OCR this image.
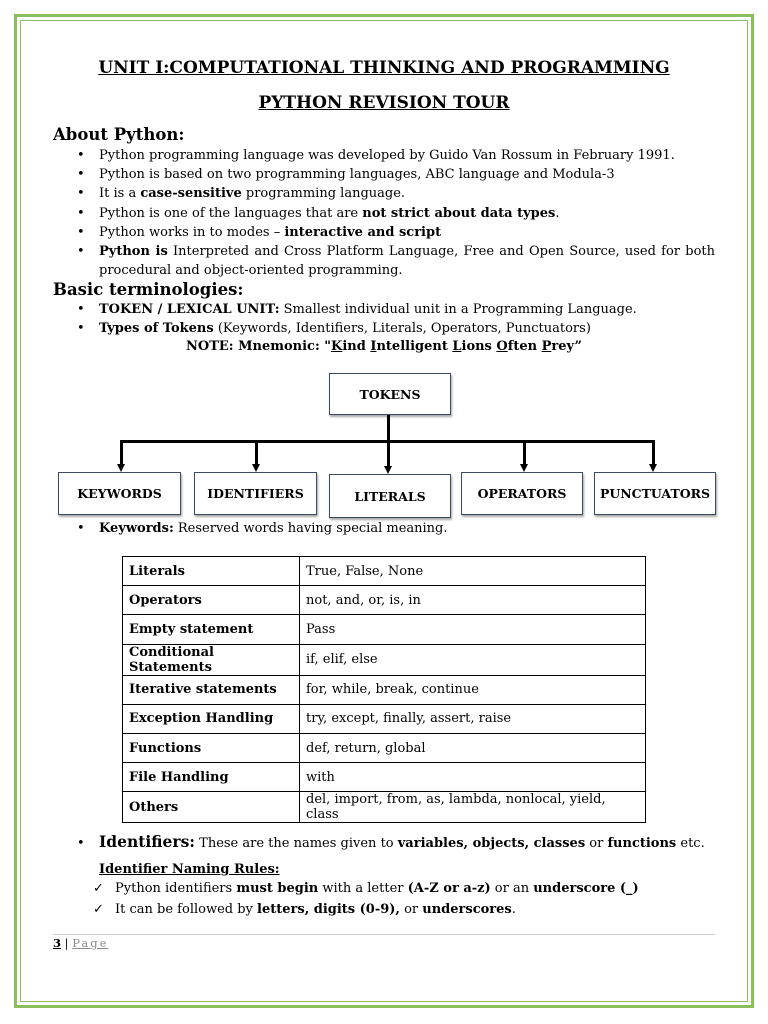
UNIT I:COMPUTATIONAL THINKING AND PROGRAMMING
PYTHON REVISION TOUR
About Python:
• Python programming language was developed by Guido Van Rossum in February 1991.
• Python is based on two programming languages, ABC language and Modula-3
• It is a case-sensitive programming language.
• Python is one of the languages that are not strict about data types.
• Python works in to modes – interactive and script
• Python is Interpreted and Cross Platform Language, Free and Open Source, used for both procedural and object-oriented programming.
Basic terminologies:
• TOKEN / LEXICAL UNIT: Smallest individual unit in a Programming Language.
• Types of Tokens (Keywords, Identifiers, Literals, Operators, Punctuators)
NOTE: Mnemonic: "Kind Intelligent Lions Often Prey”
TOKENS
KEYWORDS	IDENTIFIERS	LITERALS	OPERATORS	PUNCTUATORS
• Keywords: Reserved words having special meaning.
Literals	True, False, None
Operators	not, and, or, is, in
Empty statement	Pass
Conditional Statements	if, elif, else
Iterative statements	for, while, break, continue
Exception Handling	try, except, finally, assert, raise
Functions	def, return, global
File Handling	with
Others	del, import, from, as, lambda, nonlocal, yield, class
• Identifiers: These are the names given to variables, objects, classes or functions etc.
Identifier Naming Rules:
✓ Python identifiers must begin with a letter (A-Z or a-z) or an underscore (_)
✓ It can be followed by letters, digits (0-9), or underscores.
3 | Page
